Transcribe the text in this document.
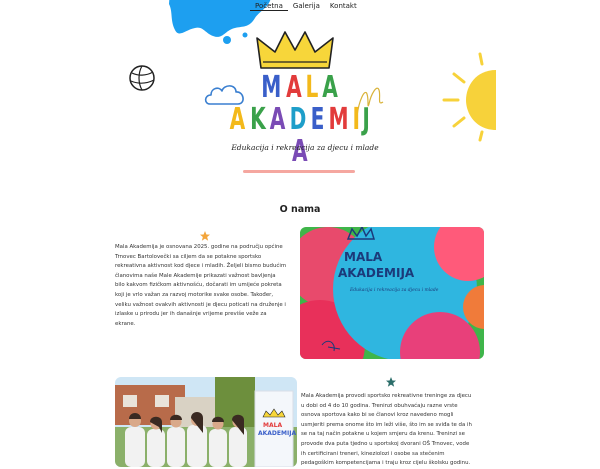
Početna	Galerija	Kontakt
M A L A
A K A D E M IJA
Edukacija i rekreacija za djecu i mlade
O nama
Mala Akademija je osnovana 2025. godine na području općine
Trnovec Bartolovečki sa ciljem da se potakne sportsko
rekreativna aktivnost kod djece i mladih. Željeli bismo budućim
članovima naše Male Akademije prikazati važnost bavljenja
bilo kakvom fizičkom aktivnošću, dočarati im umijeće pokreta
koji je vrlo važan za razvoj motorike svake osobe. Također,
veliku važnost ovakvih aktivnosti je djecu poticati na druženje i
izlaske u prirodu jer ih današnje vrijeme previše veže za
ekrane.
MALA
AKADEMIJA
Edukacija i rekreacija za djecu i mlade
MALA
AKADEMIJA
Mala Akademija provodi sportsko rekreativne treninge za djecu
u dobi od 4 do 10 godina. Treninzi obuhvaćaju razne vrste
osnova sportova kako bi se članovi kroz navedeno mogli
usmjeriti prema onome što im leži više, što im se sviđa te da ih
se na taj način potakne u kojem smjeru da krenu. Treninzi se
provode dva puta tjedno u sportskoj dvorani OŠ Trnovec, vode
ih certificirani treneri, kineziolozi i osobe sa stečenim
pedagoškim kompetencijama i traju kroz cijelu školsku godinu.
